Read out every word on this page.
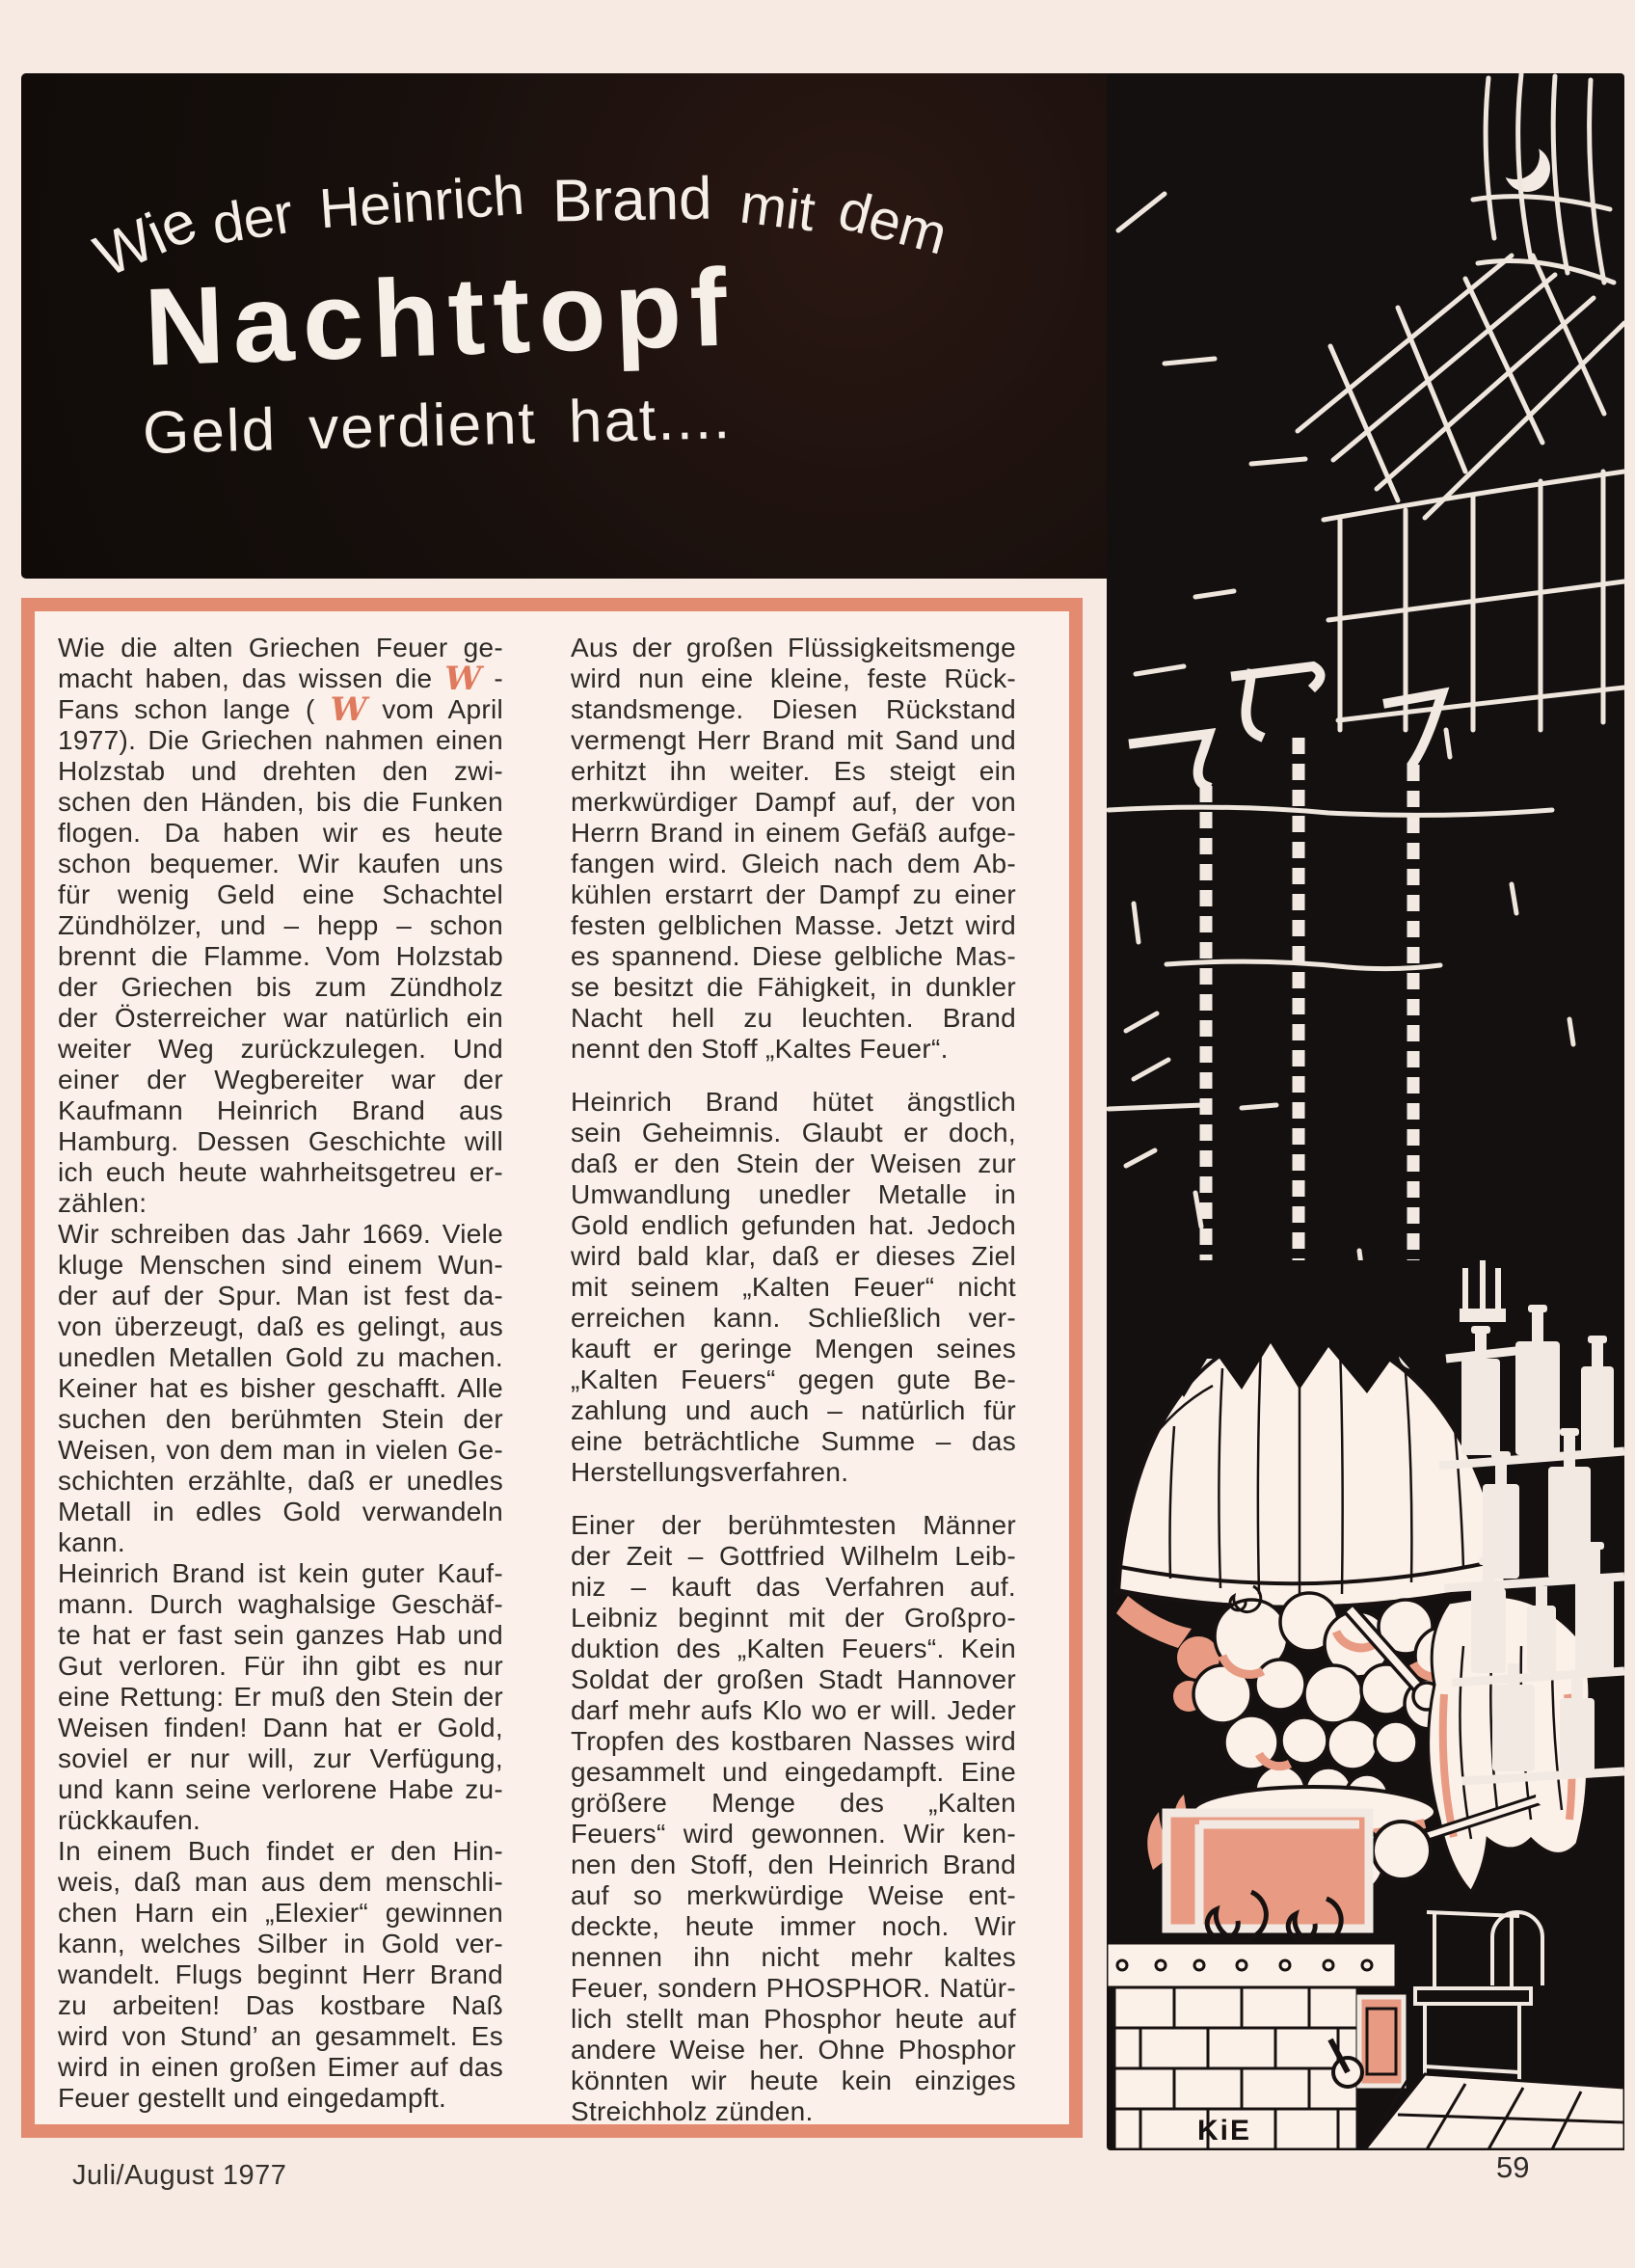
Wie der Heinrich Brand mit dem
Nachttopf
Geld verdient hat....
Wie die alten Griechen Feuer ge-
macht haben, das wissen die W -
Fans schon lange ( W vom April
1977). Die Griechen nahmen einen
Holzstab und drehten den zwi-
schen den Händen, bis die Funken
flogen. Da haben wir es heute
schon bequemer. Wir kaufen uns
für wenig Geld eine Schachtel
Zündhölzer, und – hepp – schon
brennt die Flamme. Vom Holzstab
der Griechen bis zum Zündholz
der Österreicher war natürlich ein
weiter Weg zurückzulegen. Und
einer der Wegbereiter war der
Kaufmann Heinrich Brand aus
Hamburg. Dessen Geschichte will
ich euch heute wahrheitsgetreu er-
zählen:
Wir schreiben das Jahr 1669. Viele
kluge Menschen sind einem Wun-
der auf der Spur. Man ist fest da-
von überzeugt, daß es gelingt, aus
unedlen Metallen Gold zu machen.
Keiner hat es bisher geschafft. Alle
suchen den berühmten Stein der
Weisen, von dem man in vielen Ge-
schichten erzählte, daß er unedles
Metall in edles Gold verwandeln
kann.
Heinrich Brand ist kein guter Kauf-
mann. Durch waghalsige Geschäf-
te hat er fast sein ganzes Hab und
Gut verloren. Für ihn gibt es nur
eine Rettung: Er muß den Stein der
Weisen finden! Dann hat er Gold,
soviel er nur will, zur Verfügung,
und kann seine verlorene Habe zu-
rückkaufen.
In einem Buch findet er den Hin-
weis, daß man aus dem menschli-
chen Harn ein „Elexier“ gewinnen
kann, welches Silber in Gold ver-
wandelt. Flugs beginnt Herr Brand
zu arbeiten! Das kostbare Naß
wird von Stund’ an gesammelt. Es
wird in einen großen Eimer auf das
Feuer gestellt und eingedampft.
Aus der großen Flüssigkeitsmenge
wird nun eine kleine, feste Rück-
standsmenge. Diesen Rückstand
vermengt Herr Brand mit Sand und
erhitzt ihn weiter. Es steigt ein
merkwürdiger Dampf auf, der von
Herrn Brand in einem Gefäß aufge-
fangen wird. Gleich nach dem Ab-
kühlen erstarrt der Dampf zu einer
festen gelblichen Masse. Jetzt wird
es spannend. Diese gelbliche Mas-
se besitzt die Fähigkeit, in dunkler
Nacht hell zu leuchten. Brand
nennt den Stoff „Kaltes Feuer“.
Heinrich Brand hütet ängstlich
sein Geheimnis. Glaubt er doch,
daß er den Stein der Weisen zur
Umwandlung unedler Metalle in
Gold endlich gefunden hat. Jedoch
wird bald klar, daß er dieses Ziel
mit seinem „Kalten Feuer“ nicht
erreichen kann. Schließlich ver-
kauft er geringe Mengen seines
„Kalten Feuers“ gegen gute Be-
zahlung und auch – natürlich für
eine beträchtliche Summe – das
Herstellungsverfahren.
Einer der berühmtesten Männer
der Zeit – Gottfried Wilhelm Leib-
niz – kauft das Verfahren auf.
Leibniz beginnt mit der Großpro-
duktion des „Kalten Feuers“. Kein
Soldat der großen Stadt Hannover
darf mehr aufs Klo wo er will. Jeder
Tropfen des kostbaren Nasses wird
gesammelt und eingedampft. Eine
größere Menge des „Kalten
Feuers“ wird gewonnen. Wir ken-
nen den Stoff, den Heinrich Brand
auf so merkwürdige Weise ent-
deckte, heute immer noch. Wir
nennen ihn nicht mehr kaltes
Feuer, sondern PHOSPHOR. Natür-
lich stellt man Phosphor heute auf
andere Weise her. Ohne Phosphor
könnten wir heute kein einziges
Streichholz zünden.
KiE
Juli/August 1977	59
